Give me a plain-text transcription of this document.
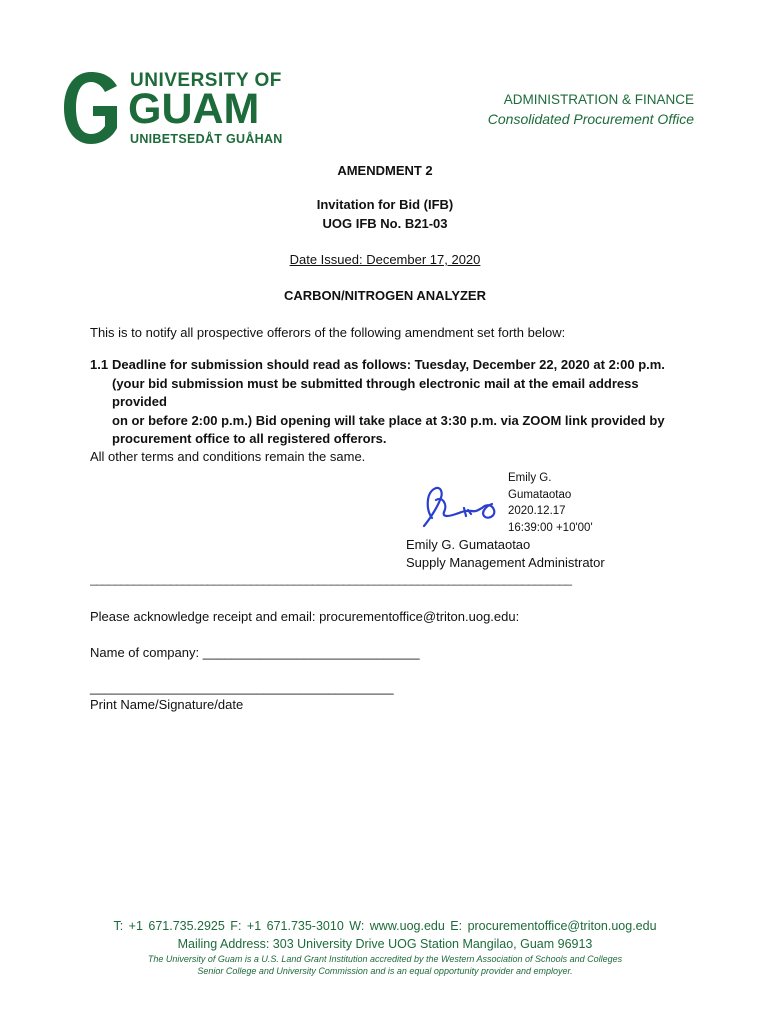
UNIVERSITY OF
GUAM
UNIBETSEDÅT GUÅHAN
ADMINISTRATION & FINANCE
Consolidated Procurement Office
AMENDMENT 2
Invitation for Bid (IFB)
UOG IFB No. B21-03
Date Issued: December 17, 2020
CARBON/NITROGEN ANALYZER
This is to notify all prospective offerors of the following amendment set forth below:
1.1 Deadline for submission should read as follows: Tuesday, December 22, 2020 at 2:00 p.m.
(your bid submission must be submitted through electronic mail at the email address provided
on or before 2:00 p.m.) Bid opening will take place at 3:30 p.m. via ZOOM link provided by
procurement office to all registered offerors.
All other terms and conditions remain the same.
Emily G.
Gumataotao
2020.12.17
16:39:00 +10'00'
Emily G. Gumataotao
Supply Management Administrator
______________________________________________________________________________
Please acknowledge receipt and email: procurementoffice@triton.uog.edu:
Name of company: ______________________________
__________________________________________
Print Name/Signature/date
T: +1 671.735.2925 F: +1 671.735-3010 W: www.uog.edu E: procurementoffice@triton.uog.edu
Mailing Address: 303 University Drive UOG Station Mangilao, Guam 96913
The University of Guam is a U.S. Land Grant Institution accredited by the Western Association of Schools and Colleges
Senior College and University Commission and is an equal opportunity provider and employer.
